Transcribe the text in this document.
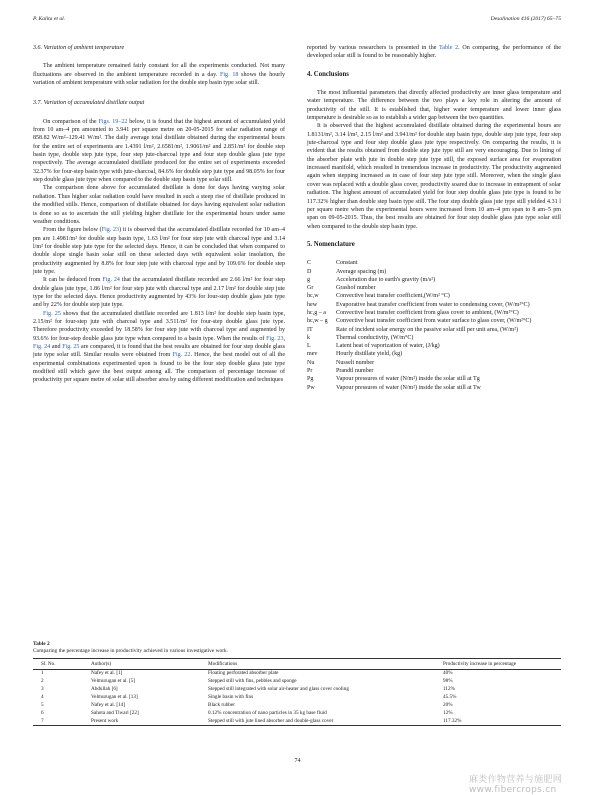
P. Kalita et al.	Desalination 416 (2017) 65–75
3.6. Variation of ambient temperature

The ambient temperature remained fairly constant for all the experiments conducted. Not many fluctuations are observed in the ambient temperature recorded in a day. Fig. 18 shows the hourly variation of ambient temperature with solar radiation for the double step basin type solar still.

3.7. Variation of accumulated distillate output

On comparison of the Figs. 19–22 below, it is found that the highest amount of accumulated yield from 10 am–4 pm amounted to 3.941 per square metre on 20-05-2015 for solar radiation range of 858.82 W/m²–129.41 W/m². The daily average total distillate obtained during the experimental hours for the entire set of experiments are 1.4391 l/m², 2.6581/m², 1.9061/m² and 2.851/m² for double step basin type, double step jute type, four step jute-charcoal type and four step double glass jute type respectively. The average accumulated distillate produced for the entire set of experiments exceeded 32.37% for four-step basin type with jute-charcoal, 84.6% for double step jute type and 98.05% for four step double glass jute type when compared to the double step basin type solar still.

The comparison done above for accumulated distillate is done for days having varying solar radiation. Thus higher solar radiation could have resulted in such a steep rise of distillate produced in the modified stills. Hence, comparison of distillate obtained for days having equivalent solar radiation is done so as to ascertain the still yielding higher distillate for the experimental hours under same weather conditions.

From the figure below (Fig. 23) it is observed that the accumulated distillate recorded for 10 am–4 pm are 1.4981/m² for double step basin type, 1.63 l/m² for four step jute with charcoal type and 3.14 l/m² for double step jute type for the selected days. Hence, it can be concluded that when compared to double slope single basin solar still on these selected days with equivalent solar insolation, the productivity augmented by 8.8% for four step jute with charcoal type and by 109.6% for double step jute type.

It can be deduced from Fig. 24 that the accumulated distillate recorded are 2.66 l/m² for four step double glass jute type, 1.86 l/m² for four step jute with charcoal type and 2.17 l/m² for double step jute type for the selected days. Hence productivity augmented by 43% for four-step double glass jute type and by 22% for double step jute type.

Fig. 25 shows that the accumulated distillate recorded are 1.813 l/m² for double step basin type, 2.15/m² for four-step jute with charcoal type and 3.511/m² for four-step double glass jute type. Therefore productivity exceeded by 18.58% for four step jute with charcoal type and augmented by 93.6% for four-step double glass jute type when compared to a basin type. When the results of Fig. 23, Fig. 24 and Fig. 25 are compared, it is found that the best results are obtained for four step double glass jute type solar still. Similar results were obtained from Fig. 22. Hence, the best model out of all the experimental combinations experimented upon is found to be the four step double glass jute type modified still which gave the best output among all. The comparison of percentage increase of productivity per square metre of solar still absorber area by using different modification and techniques

reported by various researchers is presented in the Table 2. On comparing, the performance of the developed solar still is found to be reasonably higher.

4. Conclusions

The most influential parameters that directly affected productivity are inner glass temperature and water temperature. The difference between the two plays a key role in altering the amount of productivity of the still. It is established that, higher water temperature and lower inner glass temperature is desirable so as to establish a wider gap between the two quantities.

It is observed that the highest accumulated distillate obtained during the experimental hours are 1.8131/m², 3.14 l/m², 2.15 l/m² and 3.941/m² for double step basin type, double step jute type, four step jute-charcoal type and four step double glass jute type respectively. On comparing the results, it is evident that the results obtained from double step jute type still are very encouraging. Due to lining of the absorber plate with jute in double step jute type still, the exposed surface area for evaporation increased manifold, which resulted in tremendous increase in productivity. The productivity augmented again when stepping increased as in case of four step jute type still. Moreover, when the single glass cover was replaced with a double glass cover, productivity soared due to increase in entrapment of solar radiation. The highest amount of accumulated yield for four step double glass jute type is found to be 117.32% higher than double step basin type still. The four step double glass jute type still yielded 4.31 l per square metre when the experimental hours were increased from 10 am–4 pm span to 8 am–5 pm span on 09-05-2015. Thus, the best results are obtained for four step double glass jute type solar still when compared to the double step basin type.

5. Nomenclature
C	Constant
D	Average spacing (m)
g	Acceleration due to earth's gravity (m/s²)
Gr	Grashof number
hc,w	Convective heat transfer coefficient,(W/m² °C)
hew	Evaporative heat transfer coefficient from water to condensing cover, (W/m²°C)
hc,g – a	Convective heat transfer coefficient from glass cover to ambient, (W/m²°C)
hc,w – g	Convective heat transfer coefficient from water surface to glass cover, (W/m²°C)
IT	Rate of incident solar energy on the passive solar still per unit area, (W/m²)
k	Thermal conductivity, (W/m°C)
L	Latent heat of vaporization of water, (J/kg)
mev	Hourly distillate yield, (kg)
Nu	Nusselt number
Pr	Prandtl number
Pg	Vapour pressures of water (N/m²) inside the solar still at Tg
Pw	Vapour pressures of water (N/m²) inside the solar still at Tw
Table 2
Comparing the percentage increase in productivity achieved in various investigative work.
Sl. No.	Author(s)	Modifications	Productivity increase in percentage
1	Nafey et al. [1]	Floating perforated absorber plate	40%
2	Velmurugan et al. [5]	Stepped still with fins, pebbles and sponge	98%
3	Abdullah [6]	Stepped still integrated with solar air-heater and glass cover cooling	112%
4	Velmurugan et al. [13]	Single basin with fins	45.5%
5	Nafey et al. [14]	Black rubber	20%
6	Sahota and Tiwari [22]	0.12% concentration of nano particles in 35 kg base fluid	12%
7	Present work	Stepped still with jute lined absorber and double-glass cover	117.32%
74
麻类作物营养与施肥网 www.fibercrops.cn
